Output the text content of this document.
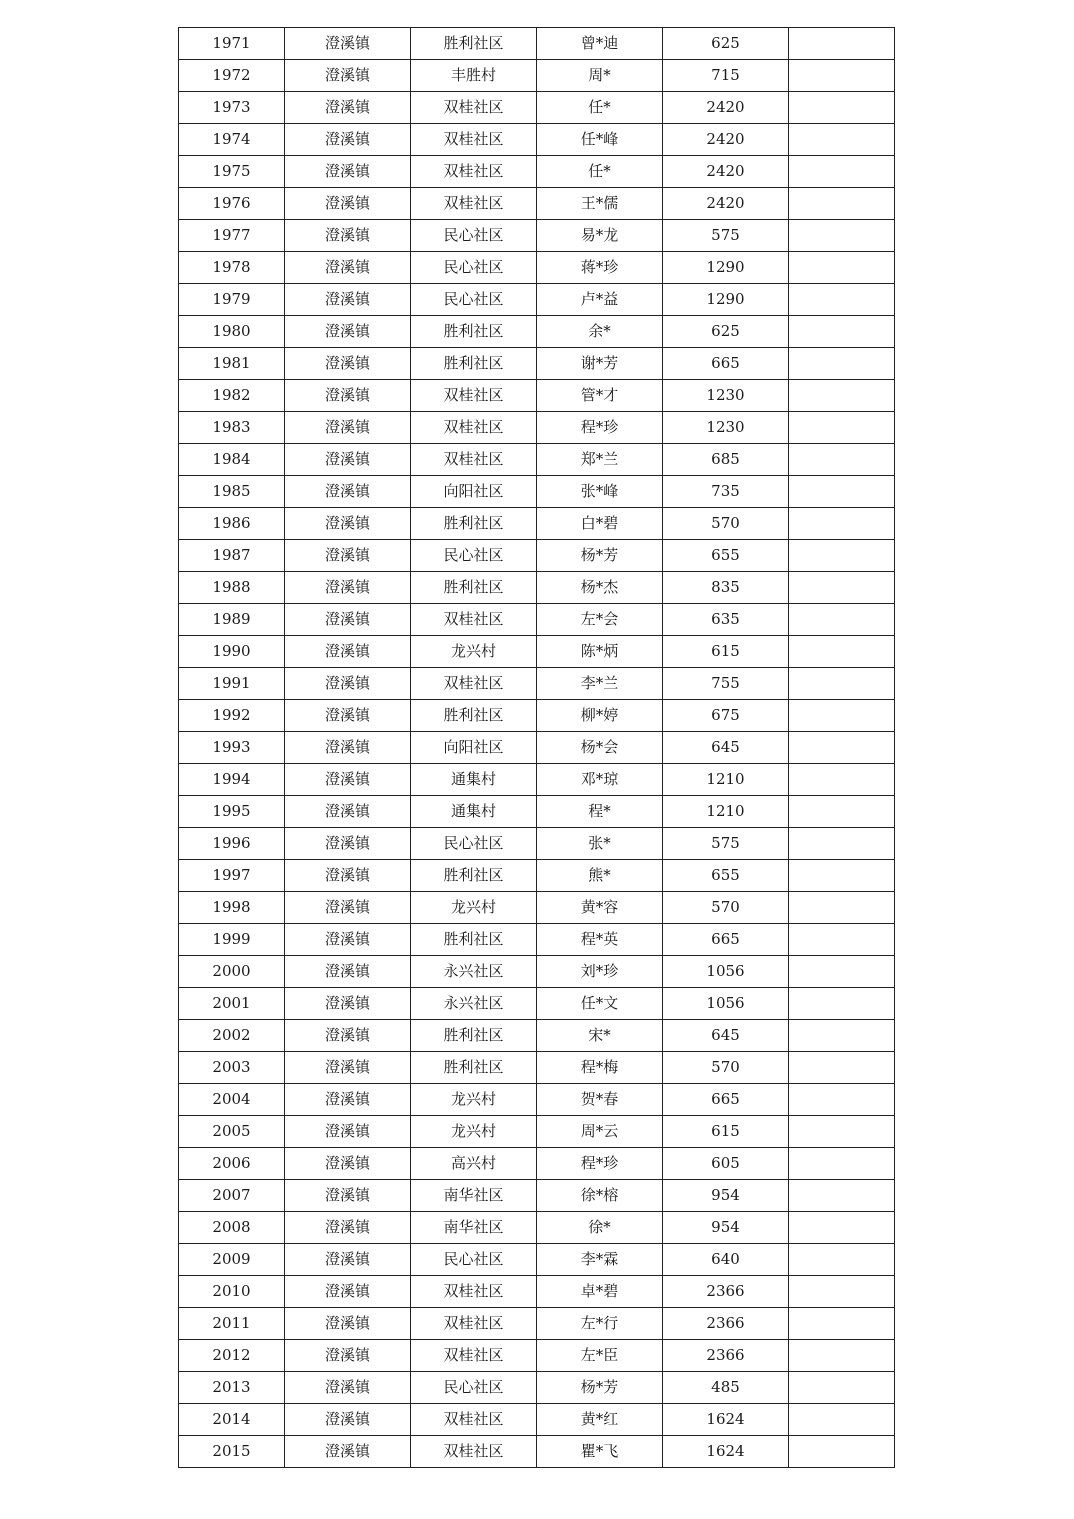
1971	澄溪镇	胜利社区	曾*迪	625	
1972	澄溪镇	丰胜村	周*	715	
1973	澄溪镇	双桂社区	任*	2420	
1974	澄溪镇	双桂社区	任*峰	2420	
1975	澄溪镇	双桂社区	任*	2420	
1976	澄溪镇	双桂社区	王*儒	2420	
1977	澄溪镇	民心社区	易*龙	575	
1978	澄溪镇	民心社区	蒋*珍	1290	
1979	澄溪镇	民心社区	卢*益	1290	
1980	澄溪镇	胜利社区	余*	625	
1981	澄溪镇	胜利社区	谢*芳	665	
1982	澄溪镇	双桂社区	管*才	1230	
1983	澄溪镇	双桂社区	程*珍	1230	
1984	澄溪镇	双桂社区	郑*兰	685	
1985	澄溪镇	向阳社区	张*峰	735	
1986	澄溪镇	胜利社区	白*碧	570	
1987	澄溪镇	民心社区	杨*芳	655	
1988	澄溪镇	胜利社区	杨*杰	835	
1989	澄溪镇	双桂社区	左*会	635	
1990	澄溪镇	龙兴村	陈*炳	615	
1991	澄溪镇	双桂社区	李*兰	755	
1992	澄溪镇	胜利社区	柳*婷	675	
1993	澄溪镇	向阳社区	杨*会	645	
1994	澄溪镇	通集村	邓*琼	1210	
1995	澄溪镇	通集村	程*	1210	
1996	澄溪镇	民心社区	张*	575	
1997	澄溪镇	胜利社区	熊*	655	
1998	澄溪镇	龙兴村	黄*容	570	
1999	澄溪镇	胜利社区	程*英	665	
2000	澄溪镇	永兴社区	刘*珍	1056	
2001	澄溪镇	永兴社区	任*文	1056	
2002	澄溪镇	胜利社区	宋*	645	
2003	澄溪镇	胜利社区	程*梅	570	
2004	澄溪镇	龙兴村	贺*春	665	
2005	澄溪镇	龙兴村	周*云	615	
2006	澄溪镇	高兴村	程*珍	605	
2007	澄溪镇	南华社区	徐*榕	954	
2008	澄溪镇	南华社区	徐*	954	
2009	澄溪镇	民心社区	李*霖	640	
2010	澄溪镇	双桂社区	卓*碧	2366	
2011	澄溪镇	双桂社区	左*行	2366	
2012	澄溪镇	双桂社区	左*臣	2366	
2013	澄溪镇	民心社区	杨*芳	485	
2014	澄溪镇	双桂社区	黄*红	1624	
2015	澄溪镇	双桂社区	瞿*飞	1624	
